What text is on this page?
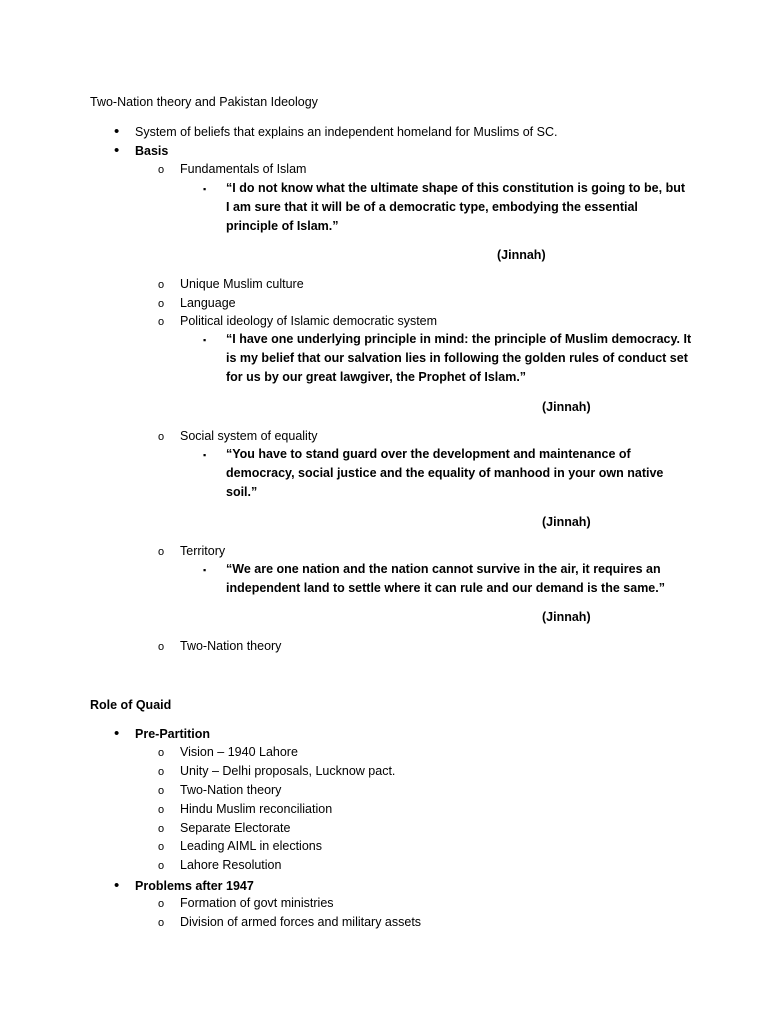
Two-Nation theory and Pakistan Ideology
• System of beliefs that explains an independent homeland for Muslims of SC.
• Basis
o Fundamentals of Islam
▪ “I do not know what the ultimate shape of this constitution is going to be, but
I am sure that it will be of a democratic type, embodying the essential
principle of Islam.”
(Jinnah)
o Unique Muslim culture
o Language
o Political ideology of Islamic democratic system
▪ “I have one underlying principle in mind: the principle of Muslim democracy. It
is my belief that our salvation lies in following the golden rules of conduct set
for us by our great lawgiver, the Prophet of Islam.”
(Jinnah)
o Social system of equality
▪ “You have to stand guard over the development and maintenance of
democracy, social justice and the equality of manhood in your own native
soil.”
(Jinnah)
o Territory
▪ “We are one nation and the nation cannot survive in the air, it requires an
independent land to settle where it can rule and our demand is the same.”
(Jinnah)
o Two-Nation theory
Role of Quaid
• Pre-Partition
o Vision – 1940 Lahore
o Unity – Delhi proposals, Lucknow pact.
o Two-Nation theory
o Hindu Muslim reconciliation
o Separate Electorate
o Leading AIML in elections
o Lahore Resolution
• Problems after 1947
o Formation of govt ministries
o Division of armed forces and military assets
